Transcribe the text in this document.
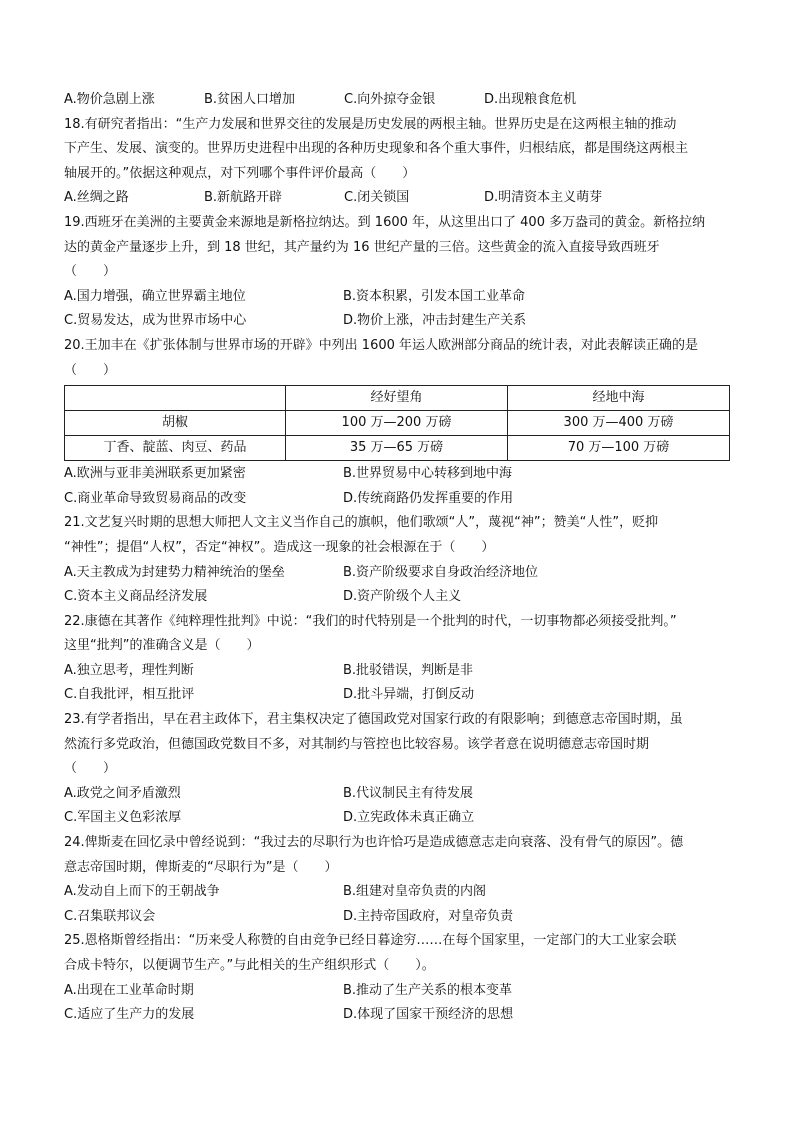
A.物价急剧上涨	B.贫困人口增加	C.向外掠夺金银	D.出现粮食危机
18.有研究者指出：“生产力发展和世界交往的发展是历史发展的两根主轴。世界历史是在这两根主轴的推动
下产生、发展、演变的。世界历史进程中出现的各种历史现象和各个重大事件，归根结底，都是围绕这两根主
轴展开的。”依据这种观点，对下列哪个事件评价最高（　　）
A.丝绸之路	B.新航路开辟	C.闭关锁国	D.明清资本主义萌芽
19.西班牙在美洲的主要黄金来源地是新格拉纳达。到 1600 年，从这里出口了 400 多万盎司的黄金。新格拉纳
达的黄金产量逐步上升，到 18 世纪，其产量约为 16 世纪产量的三倍。这些黄金的流入直接导致西班牙
（　　）
A.国力增强，确立世界霸主地位	B.资本积累，引发本国工业革命
C.贸易发达，成为世界市场中心	D.物价上涨，冲击封建生产关系
20.王加丰在《扩张体制与世界市场的开辟》中列出 1600 年运人欧洲部分商品的统计表，对此表解读正确的是
（　　）
	经好望角	经地中海
胡椒	100 万—200 万磅	300 万—400 万磅
丁香、靛蓝、肉豆、药品	35 万—65 万磅	70 万—100 万磅
A.欧洲与亚非美洲联系更加紧密	B.世界贸易中心转移到地中海
C.商业革命导致贸易商品的改变	D.传统商路仍发挥重要的作用
21.文艺复兴时期的思想大师把人文主义当作自己的旗帜，他们歌颂“人”，蔑视“神”；赞美“人性”，贬抑
“神性”；提倡“人权”，否定“神权”。造成这一现象的社会根源在于（　　）
A.天主教成为封建势力精神统治的堡垒	B.资产阶级要求自身政治经济地位
C.资本主义商品经济发展	D.资产阶级个人主义
22.康德在其著作《纯粹理性批判》中说：“我们的时代特别是一个批判的时代，一切事物都必须接受批判。”
这里“批判”的准确含义是（　　）
A.独立思考，理性判断	B.批驳错误，判断是非
C.自我批评，相互批评	D.批斗异端，打倒反动
23.有学者指出，早在君主政体下，君主集权决定了德国政党对国家行政的有限影响；到德意志帝国时期，虽
然流行多党政治，但德国政党数目不多，对其制约与管控也比较容易。该学者意在说明德意志帝国时期
（　　）
A.政党之间矛盾激烈	B.代议制民主有待发展
C.军国主义色彩浓厚	D.立宪政体未真正确立
24.俾斯麦在回忆录中曾经说到：“我过去的尽职行为也许恰巧是造成德意志走向衰落、没有骨气的原因”。德
意志帝国时期，俾斯麦的“尽职行为”是（　　）
A.发动自上而下的王朝战争	B.组建对皇帝负责的内阁
C.召集联邦议会	D.主持帝国政府，对皇帝负责
25.恩格斯曾经指出：“历来受人称赞的自由竞争已经日暮途穷……在每个国家里，一定部门的大工业家会联
合成卡特尔，以便调节生产。”与此相关的生产组织形式（　　）。
A.出现在工业革命时期	B.推动了生产关系的根本变革
C.适应了生产力的发展	D.体现了国家干预经济的思想
